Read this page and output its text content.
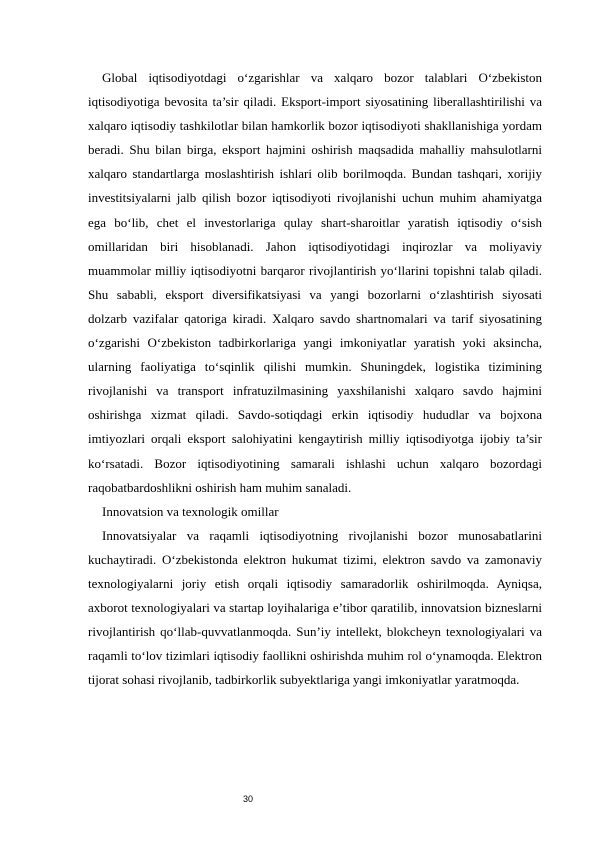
Global iqtisodiyotdagi o‘zgarishlar va xalqaro bozor talablari O‘zbekiston iqtisodiyotiga bevosita ta’sir qiladi. Eksport-import siyosatining liberallashtirilishi va xalqaro iqtisodiy tashkilotlar bilan hamkorlik bozor iqtisodiyoti shakllanishiga yordam beradi. Shu bilan birga, eksport hajmini oshirish maqsadida mahalliy mahsulotlarni xalqaro standartlarga moslashtirish ishlari olib borilmoqda. Bundan tashqari, xorijiy investitsiyalarni jalb qilish bozor iqtisodiyoti rivojlanishi uchun muhim ahamiyatga ega bo‘lib, chet el investorlariga qulay shart-sharoitlar yaratish iqtisodiy o‘sish omillaridan biri hisoblanadi. Jahon iqtisodiyotidagi inqirozlar va moliyaviy muammolar milliy iqtisodiyotni barqaror rivojlantirish yo‘llarini topishni talab qiladi. Shu sababli, eksport diversifikatsiyasi va yangi bozorlarni o‘zlashtirish siyosati dolzarb vazifalar qatoriga kiradi. Xalqaro savdo shartnomalari va tarif siyosatining o‘zgarishi O‘zbekiston tadbirkorlariga yangi imkoniyatlar yaratish yoki aksincha, ularning faoliyatiga to‘sqinlik qilishi mumkin. Shuningdek, logistika tizimining rivojlanishi va transport infratuzilmasining yaxshilanishi xalqaro savdo hajmini oshirishga xizmat qiladi. Savdo-sotiqdagi erkin iqtisodiy hududlar va bojxona imtiyozlari orqali eksport salohiyatini kengaytirish milliy iqtisodiyotga ijobiy ta’sir ko‘rsatadi. Bozor iqtisodiyotining samarali ishlashi uchun xalqaro bozordagi raqobatbardoshlikni oshirish ham muhim sanaladi.

Innovatsion va texnologik omillar

Innovatsiyalar va raqamli iqtisodiyotning rivojlanishi bozor munosabatlarini kuchaytiradi. O‘zbekistonda elektron hukumat tizimi, elektron savdo va zamonaviy texnologiyalarni joriy etish orqali iqtisodiy samaradorlik oshirilmoqda. Ayniqsa, axborot texnologiyalari va startap loyihalariga e’tibor qaratilib, innovatsion bizneslarni rivojlantirish qo‘llab-quvvatlanmoqda. Sun’iy intellekt, blokcheyn texnologiyalari va raqamli to‘lov tizimlari iqtisodiy faollikni oshirishda muhim rol o‘ynamoqda. Elektron tijorat sohasi rivojlanib, tadbirkorlik subyektlariga yangi imkoniyatlar yaratmoqda.

30
